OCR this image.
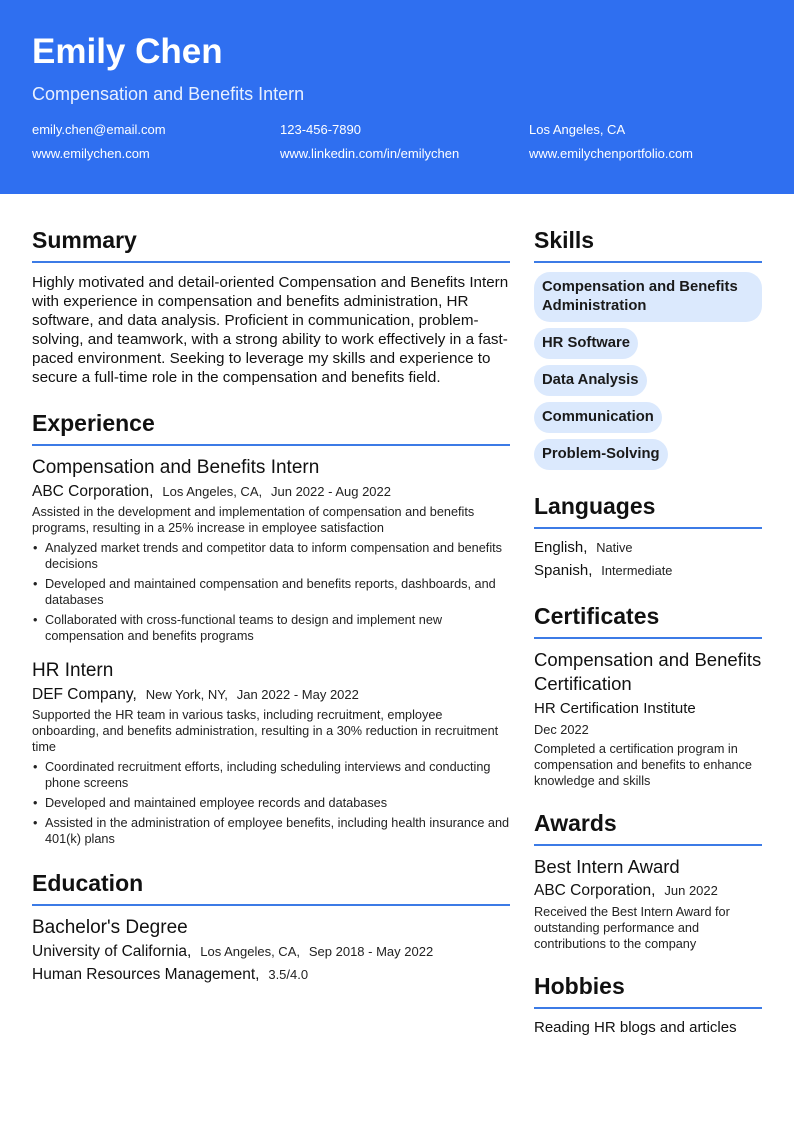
Emily Chen
Compensation and Benefits Intern
emily.chen@email.com	123-456-7890	Los Angeles, CA
www.emilychen.com	www.linkedin.com/in/emilychen	www.emilychenportfolio.com
Summary
Highly motivated and detail-oriented Compensation and Benefits Intern with experience in compensation and benefits administration, HR software, and data analysis. Proficient in communication, problem-solving, and teamwork, with a strong ability to work effectively in a fast-paced environment. Seeking to leverage my skills and experience to secure a full-time role in the compensation and benefits field.
Experience
Compensation and Benefits Intern
ABC Corporation, Los Angeles, CA, Jun 2022 - Aug 2022
Assisted in the development and implementation of compensation and benefits programs, resulting in a 25% increase in employee satisfaction
• Analyzed market trends and competitor data to inform compensation and benefits decisions
• Developed and maintained compensation and benefits reports, dashboards, and databases
• Collaborated with cross-functional teams to design and implement new compensation and benefits programs
HR Intern
DEF Company, New York, NY, Jan 2022 - May 2022
Supported the HR team in various tasks, including recruitment, employee onboarding, and benefits administration, resulting in a 30% reduction in recruitment time
• Coordinated recruitment efforts, including scheduling interviews and conducting phone screens
• Developed and maintained employee records and databases
• Assisted in the administration of employee benefits, including health insurance and 401(k) plans
Education
Bachelor's Degree
University of California, Los Angeles, CA, Sep 2018 - May 2022
Human Resources Management, 3.5/4.0
Skills
Compensation and Benefits Administration
HR Software
Data Analysis
Communication
Problem-Solving
Languages
English, Native
Spanish, Intermediate
Certificates
Compensation and Benefits Certification
HR Certification Institute
Dec 2022
Completed a certification program in compensation and benefits to enhance knowledge and skills
Awards
Best Intern Award
ABC Corporation, Jun 2022
Received the Best Intern Award for outstanding performance and contributions to the company
Hobbies
Reading HR blogs and articles
